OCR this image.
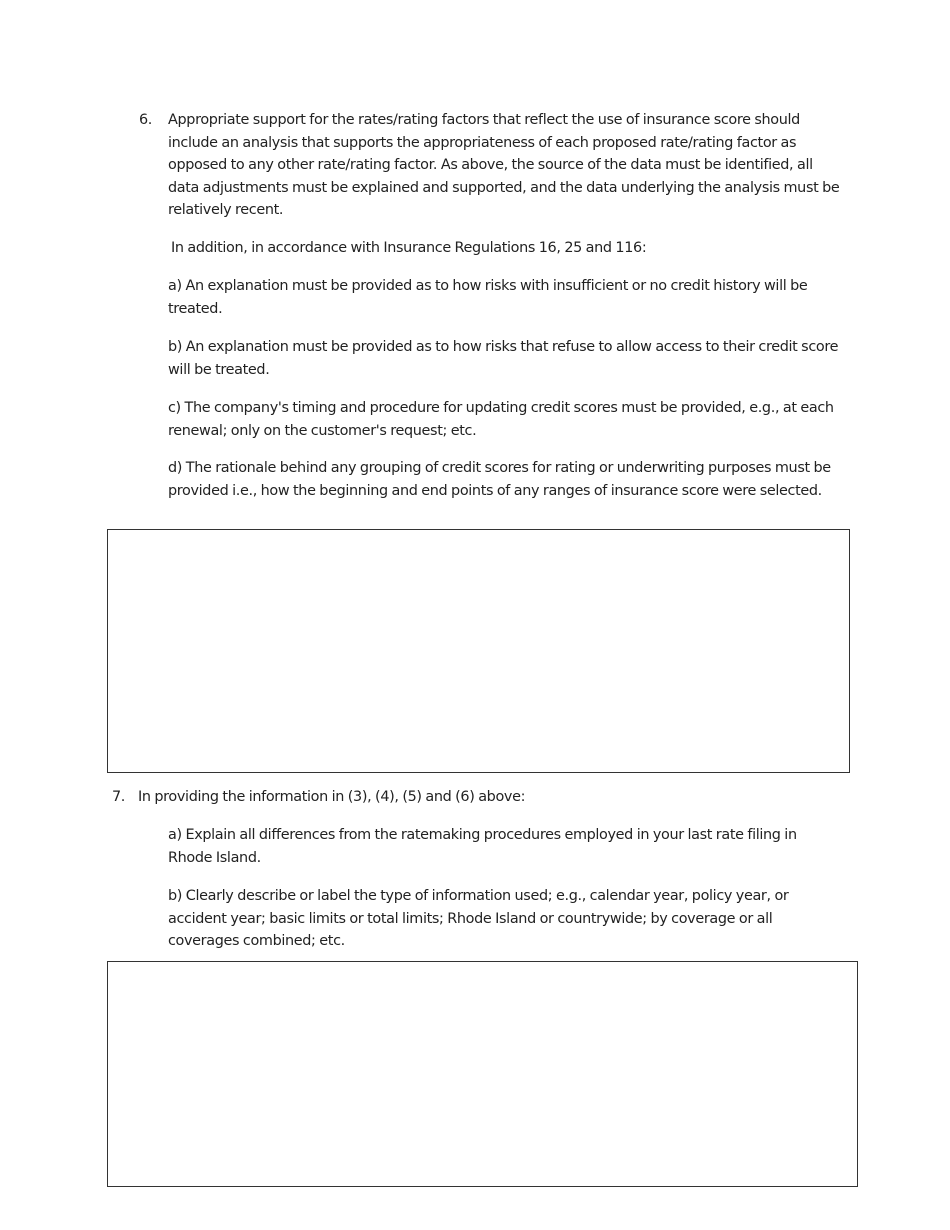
6. Appropriate support for the rates/rating factors that reflect the use of insurance score should include an analysis that supports the appropriateness of each proposed rate/rating factor as opposed to any other rate/rating factor. As above, the source of the data must be identified, all data adjustments must be explained and supported, and the data underlying the analysis must be relatively recent.

In addition, in accordance with Insurance Regulations 16, 25 and 116:

a) An explanation must be provided as to how risks with insufficient or no credit history will be treated.

b) An explanation must be provided as to how risks that refuse to allow access to their credit score will be treated.

c) The company's timing and procedure for updating credit scores must be provided, e.g., at each renewal; only on the customer's request; etc.

d) The rationale behind any grouping of credit scores for rating or underwriting purposes must be provided i.e., how the beginning and end points of any ranges of insurance score were selected.

7. In providing the information in (3), (4), (5) and (6) above:

a) Explain all differences from the ratemaking procedures employed in your last rate filing in Rhode Island.

b) Clearly describe or label the type of information used; e.g., calendar year, policy year, or accident year; basic limits or total limits; Rhode Island or countrywide; by coverage or all coverages combined; etc.
